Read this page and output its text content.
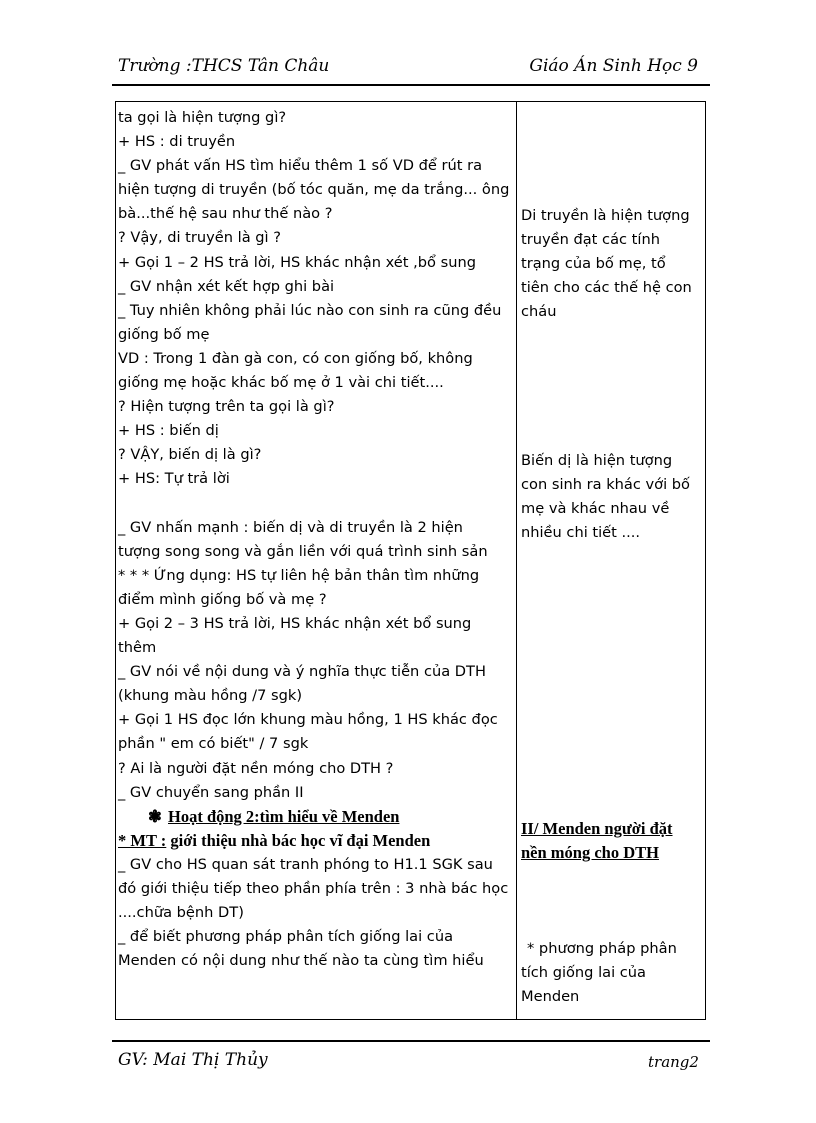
Trường :THCS Tân Châu	Giáo Án Sinh Học 9
ta gọi là hiện tượng gì?
+ HS : di truyền
_ GV phát vấn HS tìm hiểu thêm 1 số VD để rút ra
hiện tượng di truyền (bố tóc quăn, mẹ da trắng... ông
bà...thế hệ sau như thế nào ?
? Vậy, di truyền là gì ?
+ Gọi 1 – 2 HS trả lời, HS khác nhận xét ,bổ sung
_ GV nhận xét kết hợp ghi bài
_ Tuy nhiên không phải lúc nào con sinh ra cũng đều
giống bố mẹ
VD : Trong 1 đàn gà con, có con giống bố, không
giống mẹ hoặc khác bố mẹ ở 1 vài chi tiết....
? Hiện tượng trên ta gọi là gì?
+ HS : biến dị
? VẬY, biến dị là gì?
+ HS: Tự trả lời
_ GV nhấn mạnh : biến dị và di truyền là 2 hiện
tượng song song và gắn liền với quá trình sinh sản
* * * Ứng dụng: HS tự liên hệ bản thân tìm những
điểm mình giống bố và mẹ ?
+ Gọi 2 – 3 HS trả lời, HS khác nhận xét bổ sung
thêm
_ GV nói về nội dung và ý nghĩa thực tiễn của DTH
(khung màu hồng /7 sgk)
+ Gọi 1 HS đọc lớn khung màu hồng, 1 HS khác đọc
phần " em có biết" / 7 sgk
? Ai là người đặt nền móng cho DTH ?
_ GV chuyển sang phần II
❃ Hoạt động 2:tìm hiểu về Menden
* MT : giới thiệu nhà bác học vĩ đại Menden
_ GV cho HS quan sát tranh phóng to H1.1 SGK sau
đó giới thiệu tiếp theo phần phía trên : 3 nhà bác học
....chữa bệnh DT)
_ để biết phương pháp phân tích giống lai của
Menden có nội dung như thế nào ta cùng tìm hiểu
Di truyền là hiện tượng
truyền đạt các tính
trạng của bố mẹ, tổ
tiên cho các thế hệ con
cháu
Biến dị là hiện tượng
con sinh ra khác với bố
mẹ và khác nhau về
nhiều chi tiết ....
II/ Menden người đặt
nền móng cho DTH
* phương pháp phân
tích giống lai của
Menden
GV: Mai Thị Thủy	trang2
